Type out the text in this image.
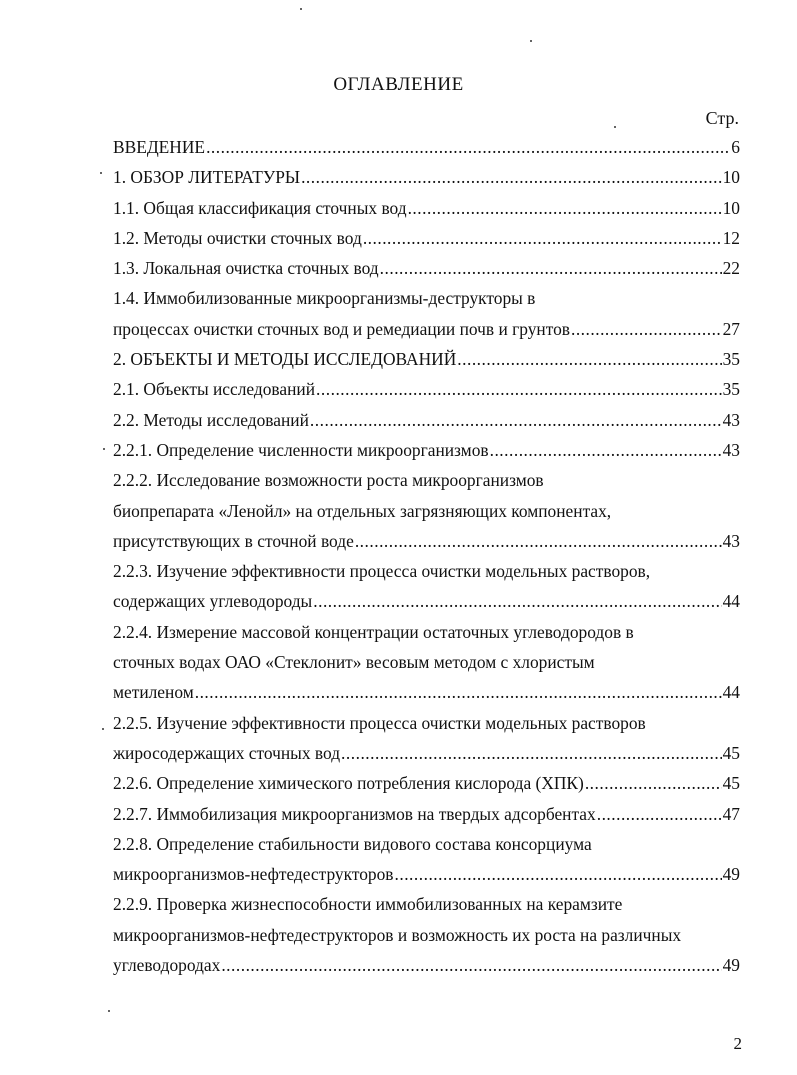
ОГЛАВЛЕНИЕ
Стр.
ВВЕДЕНИЕ .....	6
1. ОБЗОР ЛИТЕРАТУРЫ .....	10
1.1. Общая классификация сточных вод .....	10
1.2. Методы очистки сточных вод .....	12
1.3. Локальная очистка сточных вод .....	22
1.4. Иммобилизованные микроорганизмы-деструкторы в
процессах очистки сточных вод и ремедиации почв и грунтов .....	27
2. ОБЪЕКТЫ И МЕТОДЫ ИССЛЕДОВАНИЙ .....	35
2.1. Объекты исследований .....	35
2.2. Методы исследований .....	43
2.2.1. Определение численности микроорганизмов .....	43
2.2.2. Исследование возможности роста микроорганизмов
биопрепарата «Ленойл» на отдельных загрязняющих компонентах,
присутствующих в сточной воде .....	43
2.2.3. Изучение эффективности процесса очистки модельных растворов,
содержащих углеводороды .....	44
2.2.4. Измерение массовой концентрации остаточных углеводородов в
сточных водах ОАО «Стеклонит» весовым методом с хлористым
метиленом .....	44
2.2.5. Изучение эффективности процесса очистки модельных растворов
жиросодержащих сточных вод .....	45
2.2.6. Определение химического потребления кислорода (ХПК) .....	45
2.2.7. Иммобилизация микроорганизмов на твердых адсорбентах .....	47
2.2.8. Определение стабильности видового состава консорциума
микроорганизмов-нефтедеструкторов .....	49
2.2.9. Проверка жизнеспособности иммобилизованных на керамзите
микроорганизмов-нефтедеструкторов и возможность их роста на различных
углеводородах .....	49
2
